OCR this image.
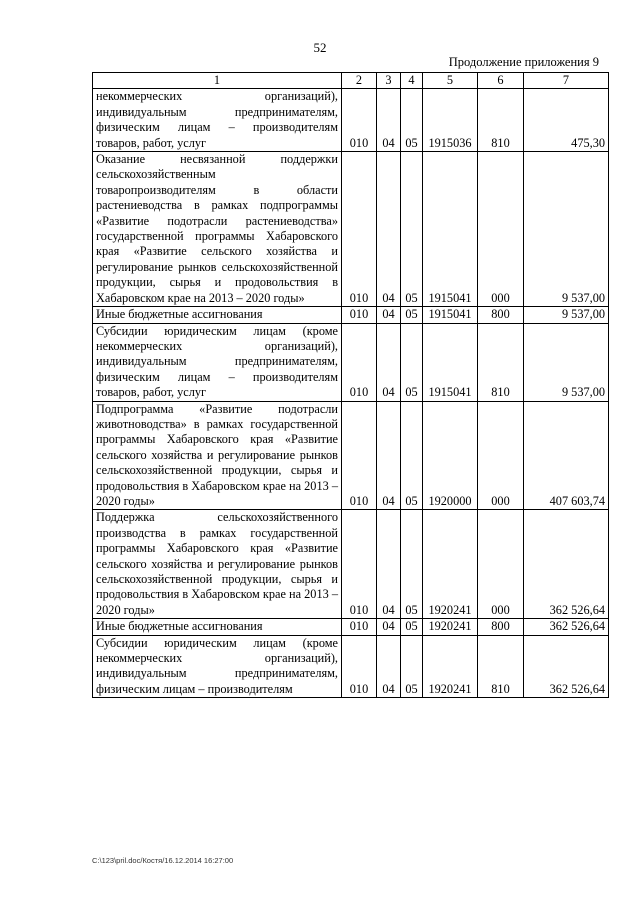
52
Продолжение приложения 9
1	2	3	4	5	6	7
некоммерческих организаций), индивидуальным предпринимателям, физическим лицам – производителям товаров, работ, услуг	010	04	05	1915036	810	475,30
Оказание несвязанной поддержки сельскохозяйственным товаропроизводителям в области растениеводства в рамках подпрограммы «Развитие подотрасли растениеводства» государственной программы Хабаровского края «Развитие сельского хозяйства и регулирование рынков сельскохозяйственной продукции, сырья и продовольствия в Хабаровском крае на 2013 – 2020 годы»	010	04	05	1915041	000	9 537,00
Иные бюджетные ассигнования	010	04	05	1915041	800	9 537,00
Субсидии юридическим лицам (кроме некоммерческих организаций), индивидуальным предпринимателям, физическим лицам – производителям товаров, работ, услуг	010	04	05	1915041	810	9 537,00
Подпрограмма «Развитие подотрасли животноводства» в рамках государственной программы Хабаровского края «Развитие сельского хозяйства и регулирование рынков сельскохозяйственной продукции, сырья и продовольствия в Хабаровском крае на 2013 – 2020 годы»	010	04	05	1920000	000	407 603,74
Поддержка сельскохозяйственного производства в рамках государственной программы Хабаровского края «Развитие сельского хозяйства и регулирование рынков сельскохозяйственной продукции, сырья и продовольствия в Хабаровском крае на 2013 – 2020 годы»	010	04	05	1920241	000	362 526,64
Иные бюджетные ассигнования	010	04	05	1920241	800	362 526,64
Субсидии юридическим лицам (кроме некоммерческих организаций), индивидуальным предпринимателям, физическим лицам – производителям	010	04	05	1920241	810	362 526,64
C:\123\pril.doc/Костя/16.12.2014 16:27:00
